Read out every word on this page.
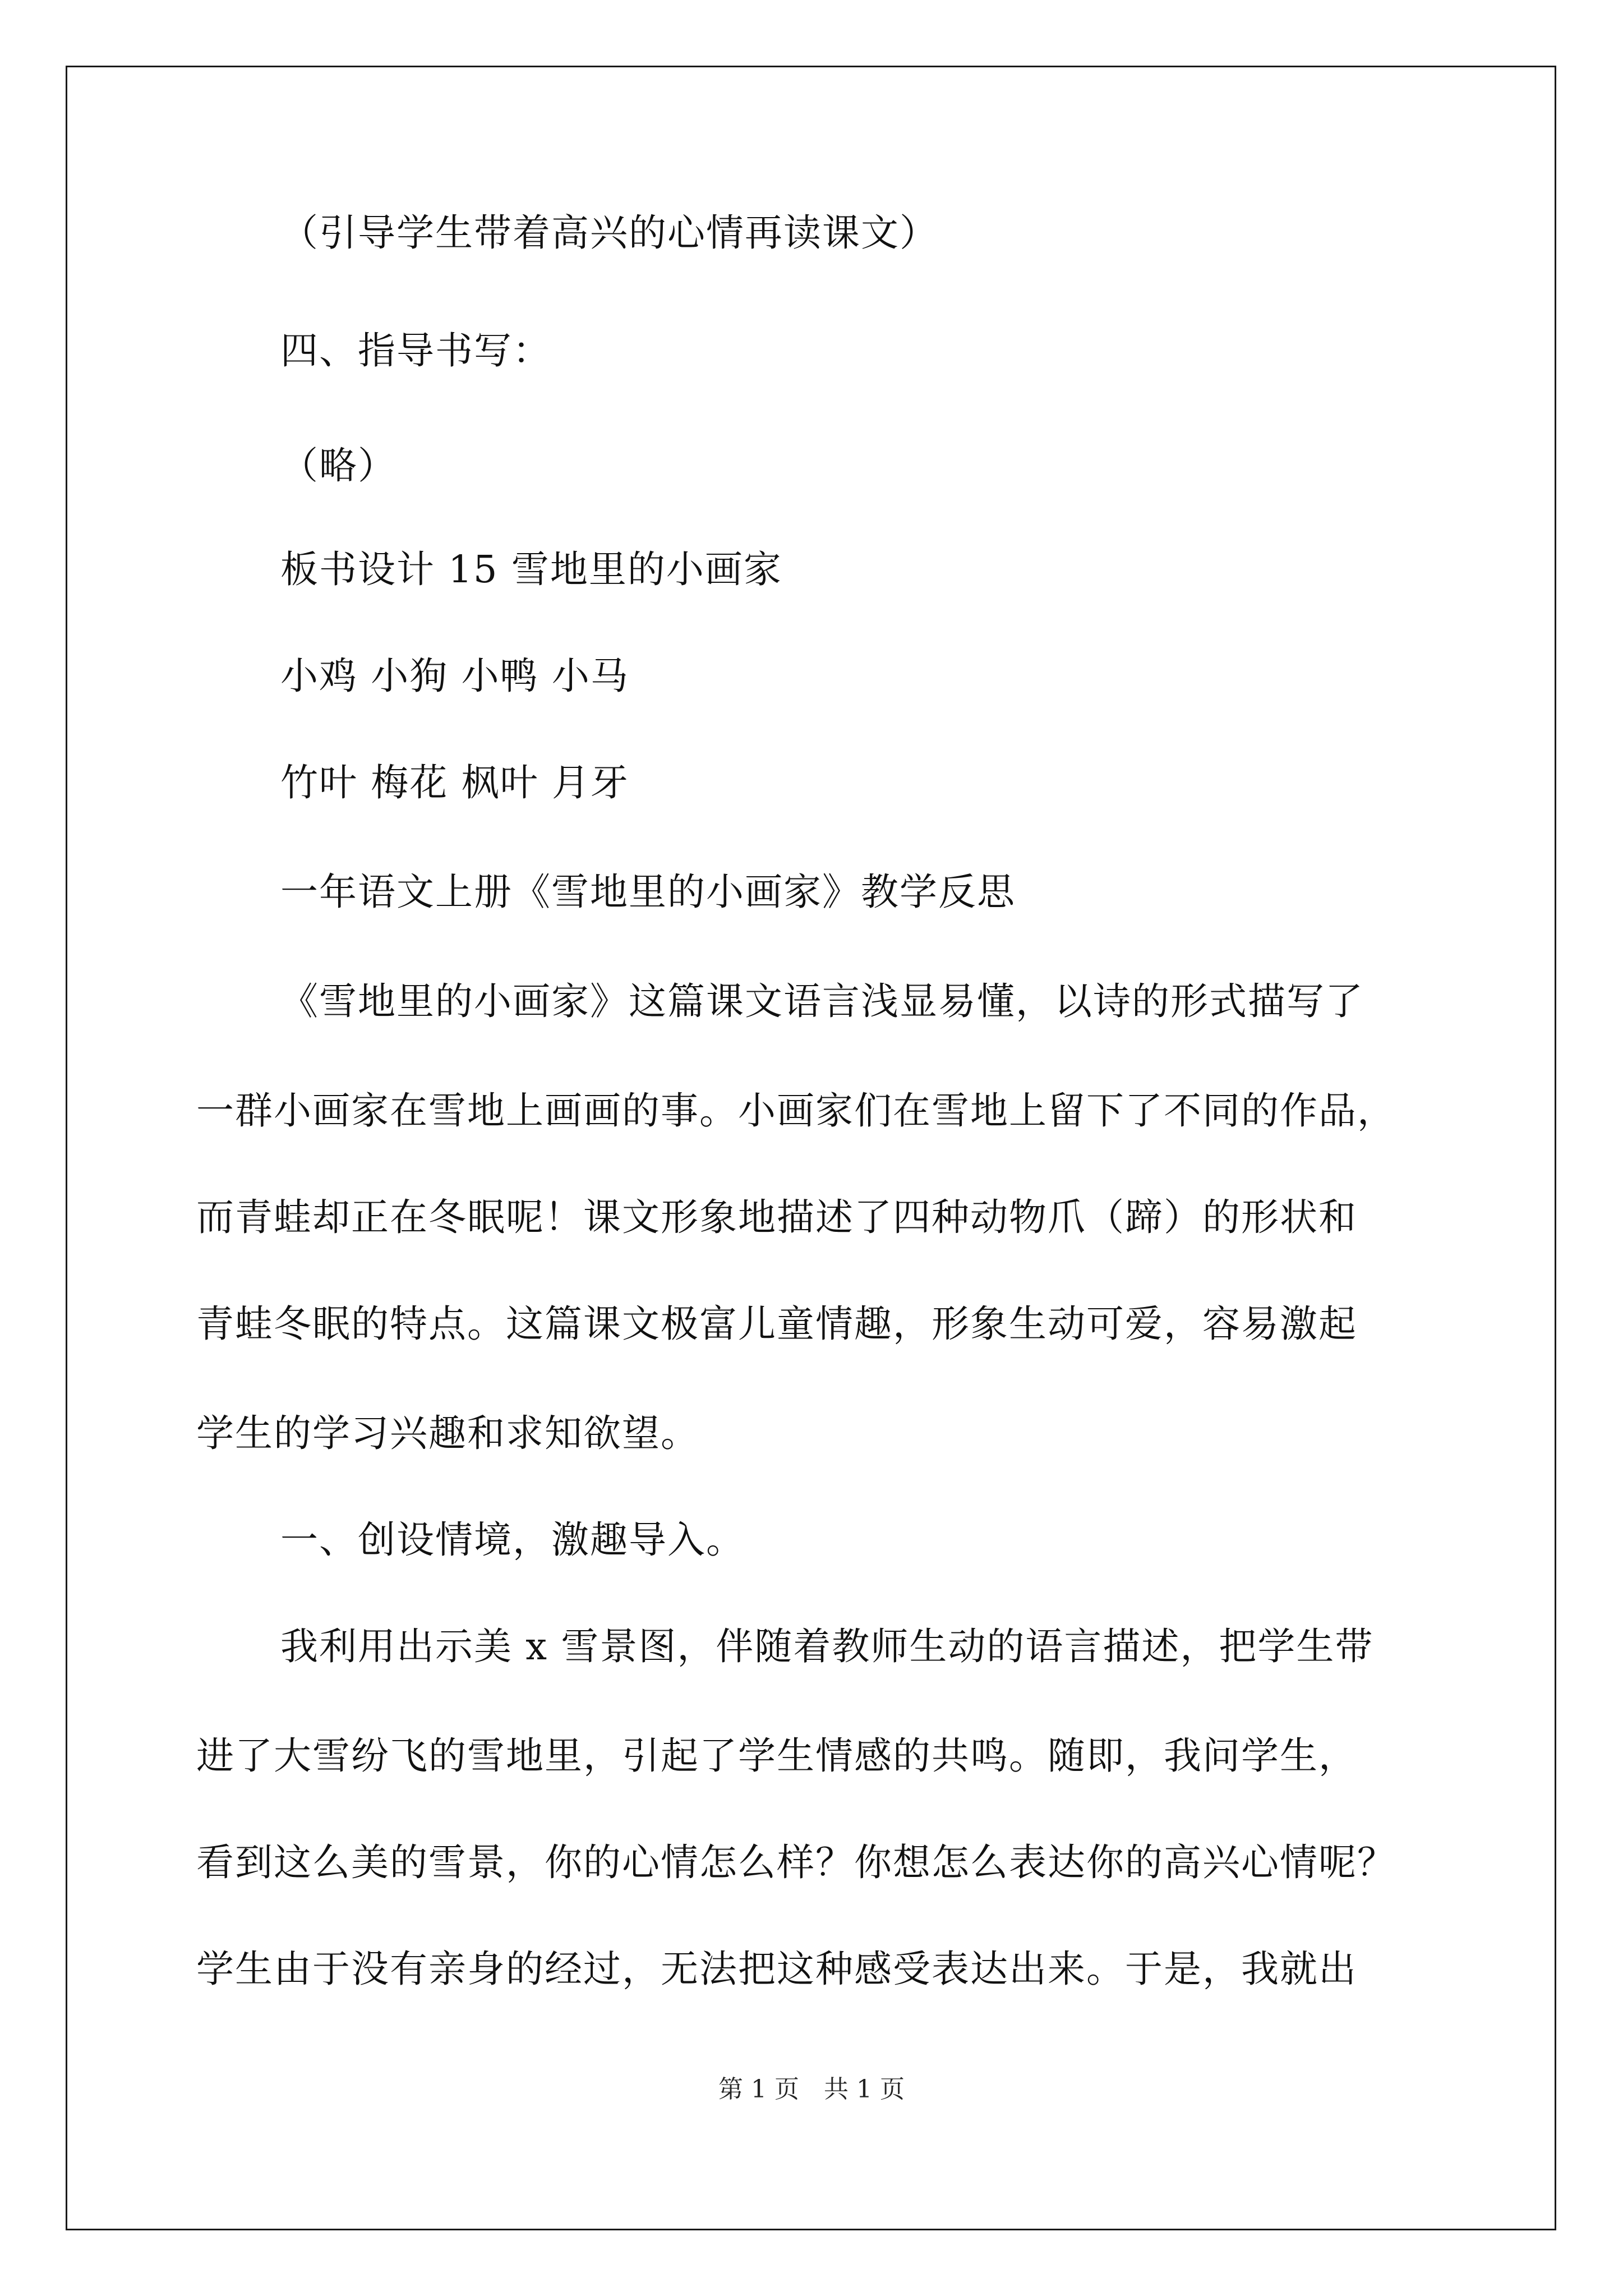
（引导学生带着高兴的心情再读课文）
四、指导书写：
（略）
板书设计 15 雪地里的小画家
小鸡 小狗 小鸭 小马
竹叶 梅花 枫叶 月牙
一年语文上册《雪地里的小画家》教学反思
《雪地里的小画家》这篇课文语言浅显易懂，以诗的形式描写了
一群小画家在雪地上画画的事。小画家们在雪地上留下了不同的作品，
而青蛙却正在冬眠呢！课文形象地描述了四种动物爪（蹄）的形状和
青蛙冬眠的特点。这篇课文极富儿童情趣，形象生动可爱，容易激起
学生的学习兴趣和求知欲望。
一、创设情境，激趣导入。
我利用出示美 x 雪景图，伴随着教师生动的语言描述，把学生带
进了大雪纷飞的雪地里，引起了学生情感的共鸣。随即，我问学生，
看到这么美的雪景，你的心情怎么样？你想怎么表达你的高兴心情呢？
学生由于没有亲身的经过，无法把这种感受表达出来。于是，我就出
第 1 页　共 1 页
